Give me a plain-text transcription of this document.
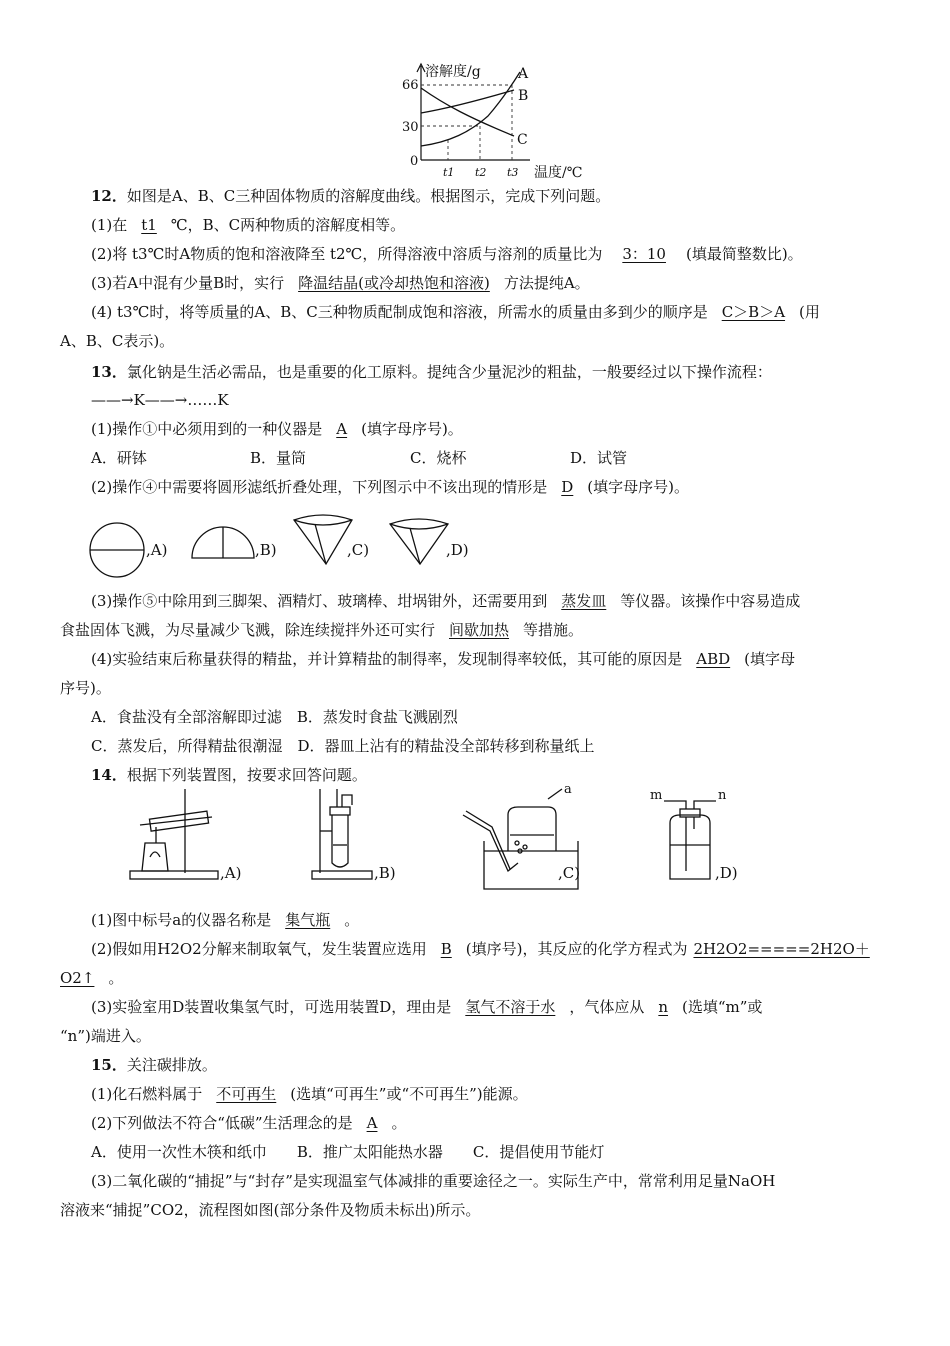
溶解度/g
66
30
0
t1 t2 t3 温度/℃
A
B
C
12．如图是A、B、C三种固体物质的溶解度曲线。根据图示，完成下列问题。
(1)在 t1 ℃，B、C两种物质的溶解度相等。
(2)将 t3℃时A物质的饱和溶液降至 t2℃，所得溶液中溶质与溶剂的质量比为 3：10 (填最简整数比)。
(3)若A中混有少量B时，实行 降温结晶(或冷却热饱和溶液) 方法提纯A。
(4) t3℃时，将等质量的A、B、C三种物质配制成饱和溶液，所需水的质量由多到少的顺序是 C＞B＞A (用
A、B、C表示)。
13．氯化钠是生活必需品，也是重要的化工原料。提纯含少量泥沙的粗盐，一般要经过以下操作流程：
——→K——→……K
(1)操作①中必须用到的一种仪器是 A (填字母序号)。
A．研钵	B．量筒	C．烧杯	D．试管
(2)操作④中需要将圆形滤纸折叠处理，下列图示中不该出现的情形是 D (填字母序号)。
,A)	,B)	,C)	,D)
(3)操作⑤中除用到三脚架、酒精灯、玻璃棒、坩埚钳外，还需要用到 蒸发皿 等仪器。该操作中容易造成
食盐固体飞溅，为尽量减少飞溅，除连续搅拌外还可实行 间歇加热 等措施。
(4)实验结束后称量获得的精盐，并计算精盐的制得率，发现制得率较低，其可能的原因是 ABD (填字母
序号)。
A．食盐没有全部溶解即过滤　B．蒸发时食盐飞溅剧烈
C．蒸发后，所得精盐很潮湿　D．器皿上沾有的精盐没全部转移到称量纸上
14．根据下列装置图，按要求回答问题。
a	m	n
,A)	,B)	,C)	,D)
(1)图中标号a的仪器名称是 集气瓶 。
(2)假如用H2O2分解来制取氧气，发生装置应选用 B (填序号)，其反应的化学方程式为 2H2O2=====2H2O＋
O2↑ 。
(3)实验室用D装置收集氢气时，可选用装置D，理由是 氢气不溶于水 ，气体应从 n (选填“m”或
“n”)端进入。
15．关注碳排放。
(1)化石燃料属于 不可再生 (选填“可再生”或“不可再生”)能源。
(2)下列做法不符合“低碳”生活理念的是 A 。
A．使用一次性木筷和纸巾　　B．推广太阳能热水器　　C．提倡使用节能灯
(3)二氧化碳的“捕捉”与“封存”是实现温室气体减排的重要途径之一。实际生产中，常常利用足量NaOH
溶液来“捕捉”CO2，流程图如图(部分条件及物质未标出)所示。
